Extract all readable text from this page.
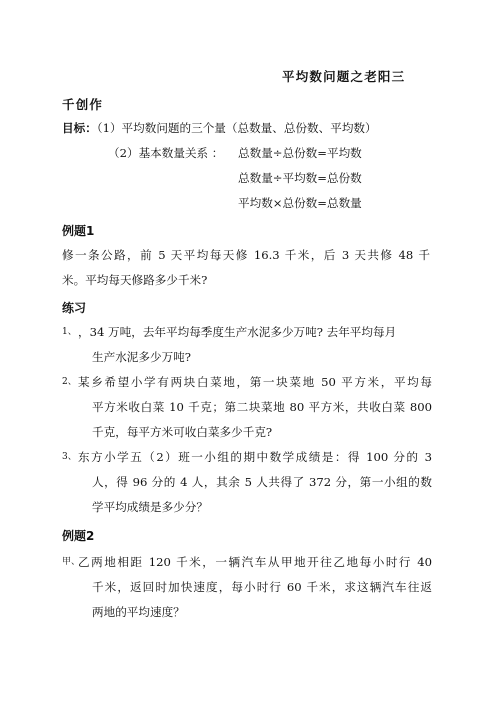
平均数问题之老阳三
千创作
目标：（1）平均数问题的三个量（总数量、总份数、平均数）
（2）基本数量关系 ： 总数量÷总份数=平均数
总数量÷平均数=总份数
平均数×总份数=总数量
例题1
修一条公路，前 5 天平均每天修 16.3 千米，后 3 天共修 48 千
米。平均每天修路多少千米?
练习
1、 ，34 万吨，去年平均每季度生产水泥多少万吨? 去年平均每月
生产水泥多少万吨?
2、 某乡希望小学有两块白菜地，第一块菜地 50 平方米，平均每
平方米收白菜 10 千克；第二块菜地 80 平方米，共收白菜 800
千克，每平方米可收白菜多少千克?
3、 东方小学五（2）班一小组的期中数学成绩是：得 100 分的 3
人，得 96 分的 4 人，其余 5 人共得了 372 分，第一小组的数
学平均成绩是多少分？
例题2
甲、
乙两地相距 120 千米，一辆汽车从甲地开往乙地每小时行 40
千米，返回时加快速度，每小时行 60 千米，求这辆汽车往返
两地的平均速度？
